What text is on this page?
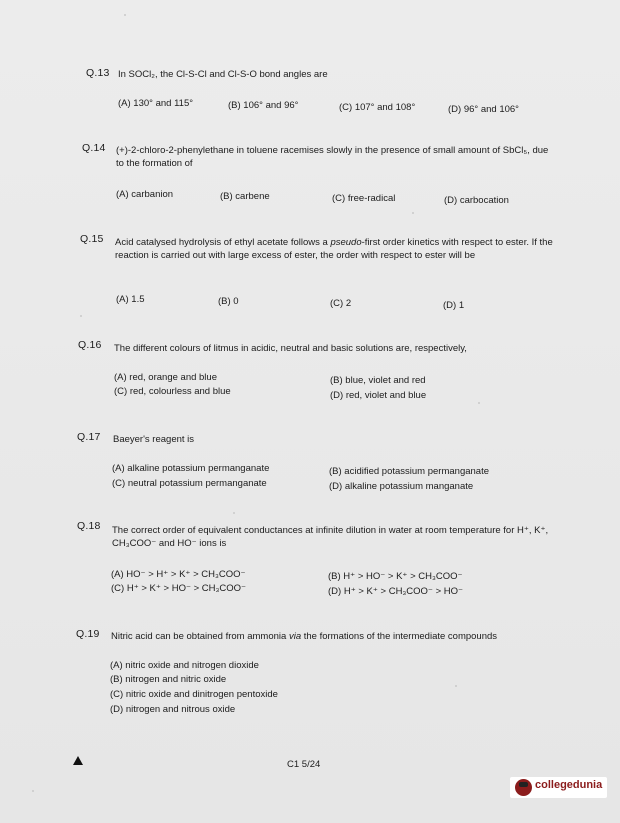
Q.13 In SOCl₂, the Cl-S-Cl and Cl-S-O bond angles are
(A) 130° and 115°	(B) 106° and 96°	(C) 107° and 108°	(D) 96° and 106°
Q.14 (+)-2-chloro-2-phenylethane in toluene racemises slowly in the presence of small amount of SbCl₅, due to the formation of
(A) carbanion	(B) carbene	(C) free-radical	(D) carbocation
Q.15 Acid catalysed hydrolysis of ethyl acetate follows a pseudo-first order kinetics with respect to ester. If the reaction is carried out with large excess of ester, the order with respect to ester will be
(A) 1.5	(B) 0	(C) 2	(D) 1
Q.16 The different colours of litmus in acidic, neutral and basic solutions are, respectively,
(A) red, orange and blue	(B) blue, violet and red
(C) red, colourless and blue	(D) red, violet and blue
Q.17 Baeyer's reagent is
(A) alkaline potassium permanganate	(B) acidified potassium permanganate
(C) neutral potassium permanganate	(D) alkaline potassium manganate
Q.18 The correct order of equivalent conductances at infinite dilution in water at room temperature for H⁺, K⁺, CH₃COO⁻ and HO⁻ ions is
(A) HO⁻ > H⁺ > K⁺ > CH₃COO⁻	(B) H⁺ > HO⁻ > K⁺ > CH₃COO⁻
(C) H⁺ > K⁺ > HO⁻ > CH₃COO⁻	(D) H⁺ > K⁺ > CH₃COO⁻ > HO⁻
Q.19 Nitric acid can be obtained from ammonia via the formations of the intermediate compounds
(A) nitric oxide and nitrogen dioxide
(B) nitrogen and nitric oxide
(C) nitric oxide and dinitrogen pentoxide
(D) nitrogen and nitrous oxide
C1 5/24
collegedunia
